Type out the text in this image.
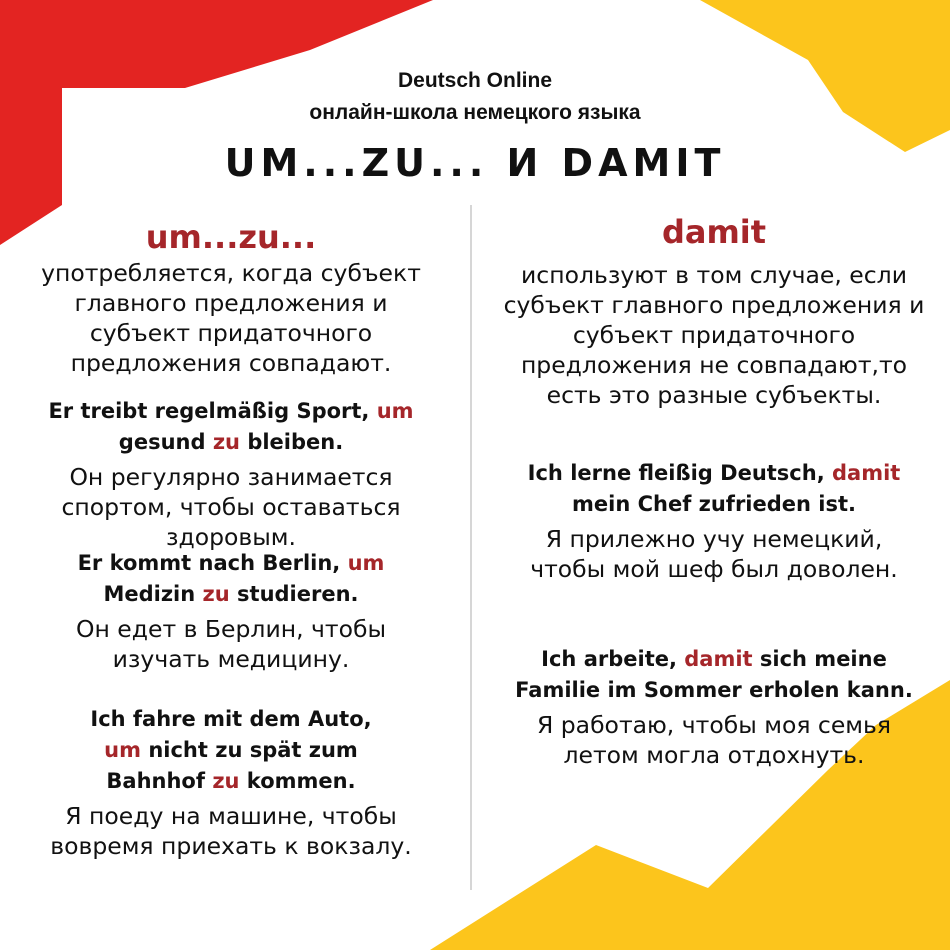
Deutsch Online
онлайн-школа немецкого языка
UM...ZU... И DAMIT
um...zu...
употребляется, когда субъект
главного предложения и
субъект придаточного
предложения совпадают.
Er treibt regelmäßig Sport, um
gesund zu bleiben.
Он регулярно занимается
спортом, чтобы оставаться
здоровым.
Er kommt nach Berlin, um
Medizin zu studieren.
Он едет в Берлин, чтобы
изучать медицину.
Ich fahre mit dem Auto,
um nicht zu spät zum
Bahnhof zu kommen.
Я поеду на машине, чтобы
вовремя приехать к вокзалу.
damit
используют в том случае, если
субъект главного предложения и
субъект придаточного
предложения не совпадают,то
есть это разные субъекты.
Ich lerne fleißig Deutsch, damit
mein Chef zufrieden ist.
Я прилежно учу немецкий,
чтобы мой шеф был доволен.
Ich arbeite, damit sich meine
Familie im Sommer erholen kann.
Я работаю, чтобы моя семья
летом могла отдохнуть.
